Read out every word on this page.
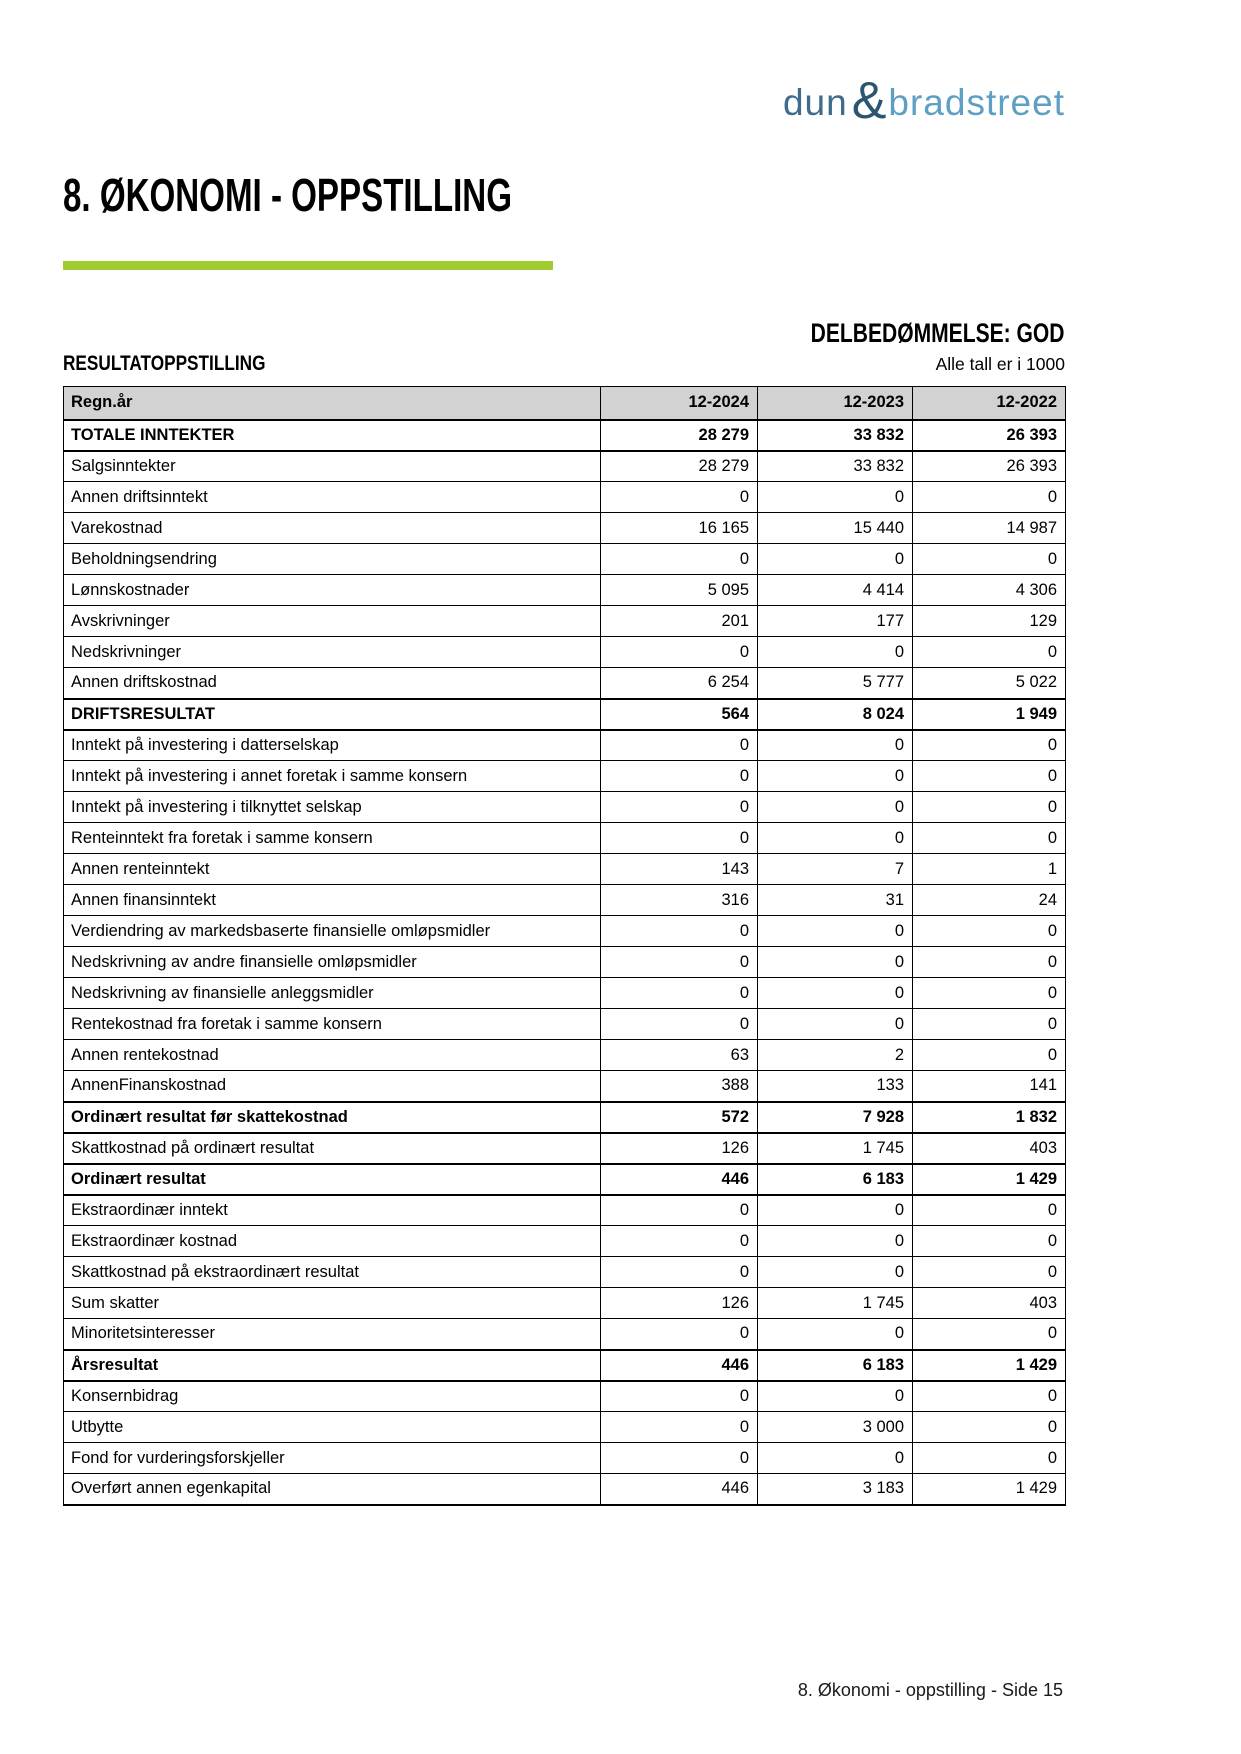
dun & bradstreet
8. ØKONOMI - OPPSTILLING
DELBEDØMMELSE: GOD
RESULTATOPPSTILLING	Alle tall er i 1000
Regn.år	12-2024	12-2023	12-2022
TOTALE INNTEKTER	28 279	33 832	26 393
Salgsinntekter	28 279	33 832	26 393
Annen driftsinntekt	0	0	0
Varekostnad	16 165	15 440	14 987
Beholdningsendring	0	0	0
Lønnskostnader	5 095	4 414	4 306
Avskrivninger	201	177	129
Nedskrivninger	0	0	0
Annen driftskostnad	6 254	5 777	5 022
DRIFTSRESULTAT	564	8 024	1 949
Inntekt på investering i datterselskap	0	0	0
Inntekt på investering i annet foretak i samme konsern	0	0	0
Inntekt på investering i tilknyttet selskap	0	0	0
Renteinntekt fra foretak i samme konsern	0	0	0
Annen renteinntekt	143	7	1
Annen finansinntekt	316	31	24
Verdiendring av markedsbaserte finansielle omløpsmidler	0	0	0
Nedskrivning av andre finansielle omløpsmidler	0	0	0
Nedskrivning av finansielle anleggsmidler	0	0	0
Rentekostnad fra foretak i samme konsern	0	0	0
Annen rentekostnad	63	2	0
AnnenFinanskostnad	388	133	141
Ordinært resultat før skattekostnad	572	7 928	1 832
Skattkostnad på ordinært resultat	126	1 745	403
Ordinært resultat	446	6 183	1 429
Ekstraordinær inntekt	0	0	0
Ekstraordinær kostnad	0	0	0
Skattkostnad på ekstraordinært resultat	0	0	0
Sum skatter	126	1 745	403
Minoritetsinteresser	0	0	0
Årsresultat	446	6 183	1 429
Konsernbidrag	0	0	0
Utbytte	0	3 000	0
Fond for vurderingsforskjeller	0	0	0
Overført annen egenkapital	446	3 183	1 429
8. Økonomi - oppstilling - Side 15
